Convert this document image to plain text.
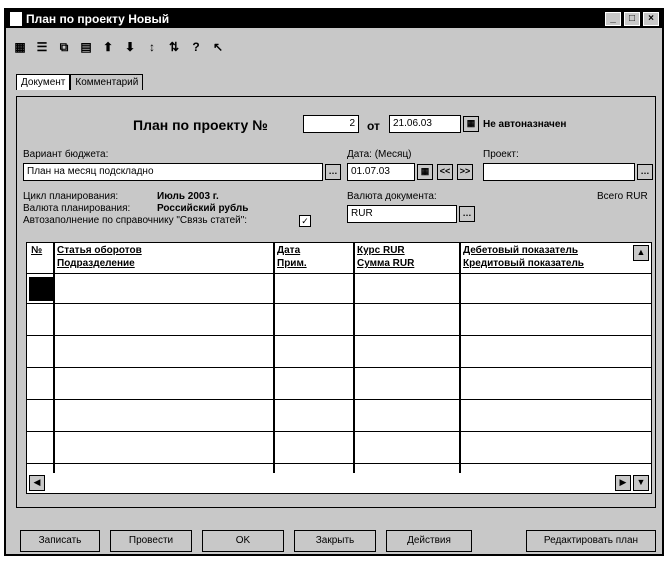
План по проекту Новый	_	□	×
▦ ☰	⧉	▤ ⬆ ⬇	↕	⇅	?	↖
Документ	Комментарий
План по проекту №	2	от	21.06.03	▦ Не автоназначен
Вариант бюджета:
План на месяц подскладно	…
Дата: (Месяц)
01.07.03	▦	<<	>>
Проект:
…
Цикл планирования:	Июль 2003 г.
Валюта планирования:	Российский рубль
Автозаполнение по справочнику "Связь статей":	✓
Валюта документа:
RUR	…
Всего RUR
№	Статья оборотов	Дата	Курс RUR	Дебетовый показатель
Подразделение	Прим.	Сумма RUR	Кредитовый показатель
▲
▼
◀	▶
Записать	Провести	OK	Закрыть	Действия	Редактировать план
